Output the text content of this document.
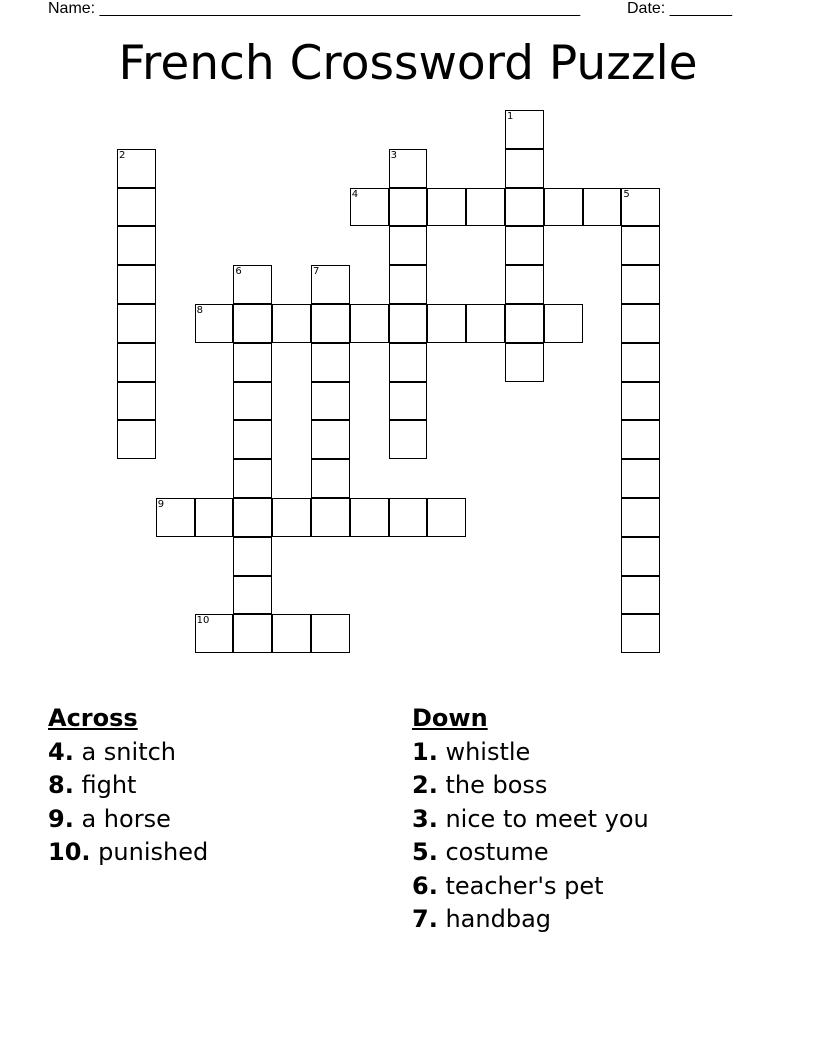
Name: ______________________________________________________	Date: _______
French Crossword Puzzle
1
2	3
4	5
6	7
8
9
10
Across
4. a snitch
8. fight
9. a horse
10. punished
Down
1. whistle
2. the boss
3. nice to meet you
5. costume
6. teacher's pet
7. handbag
